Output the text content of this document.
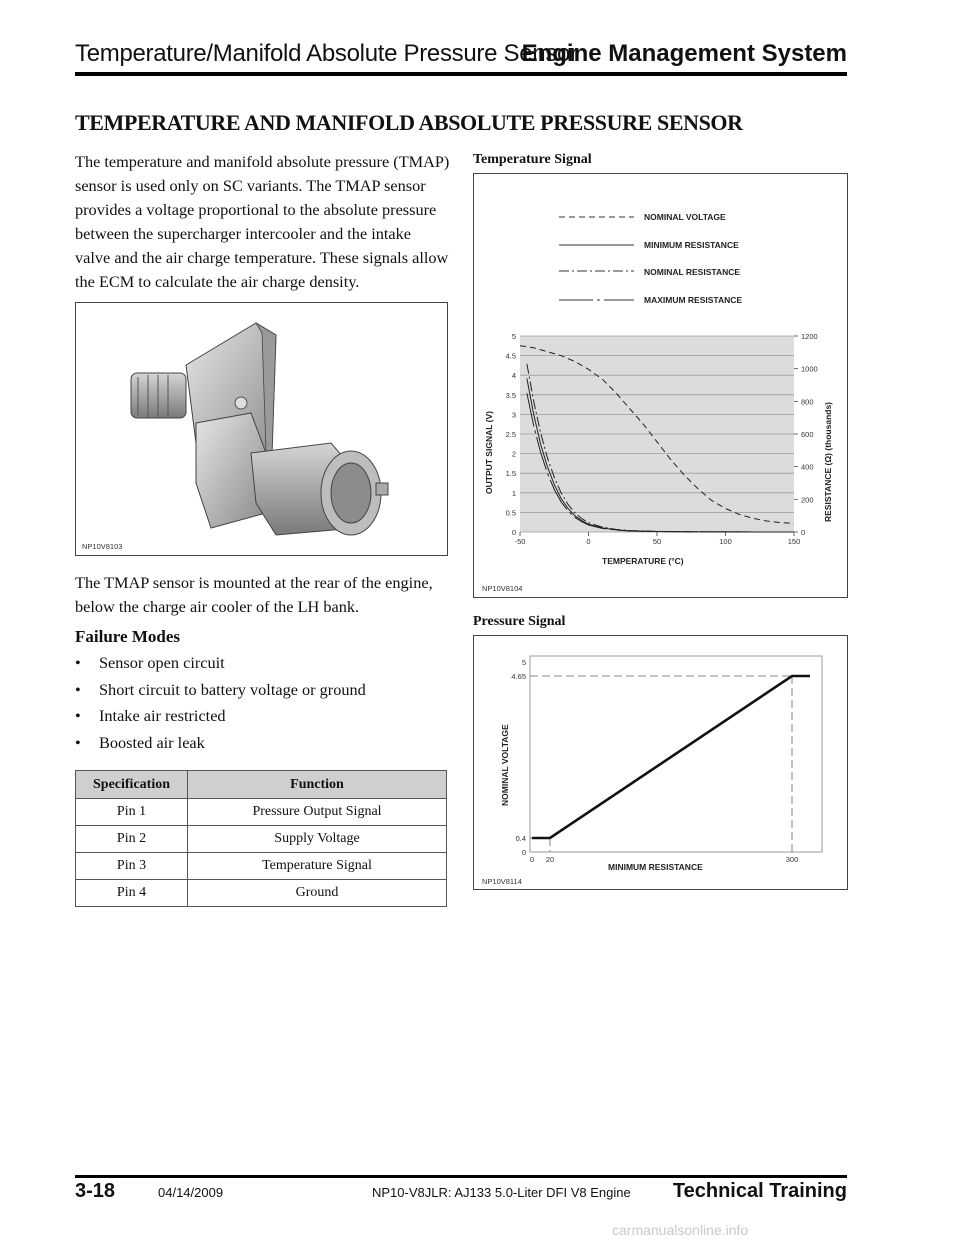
Temperature/Manifold Absolute Pressure Sensor
Engine Management System
TEMPERATURE AND MANIFOLD ABSOLUTE PRESSURE SENSOR
The temperature and manifold absolute pressure (TMAP) sensor is used only on SC variants. The TMAP sensor provides a voltage proportional to the absolute pressure between the supercharger intercooler and the intake valve and the air charge temperature. These signals allow the ECM to calculate the air charge density.
NP10V8103
The TMAP sensor is mounted at the rear of the engine, below the charge air cooler of the LH bank.
Failure Modes
• Sensor open circuit
• Short circuit to battery voltage or ground
• Intake air restricted
• Boosted air leak
Specification	Function
Pin 1	Pressure Output Signal
Pin 2	Supply Voltage
Pin 3	Temperature Signal
Pin 4	Ground
Temperature Signal
NOMINAL VOLTAGE
MINIMUM RESISTANCE
NOMINAL RESISTANCE
MAXIMUM RESISTANCE
0
0.5
1
1.5
2
2.5
3
3.5
4
4.5
5
0
200
400
600
800
1000
1200
-50	0	50	100	150
TEMPERATURE (°C)
OUTPUT SIGNAL (V)	RESISTANCE (Ω) (thousands)
NP10V8104
Pressure Signal
0
0.4
4.65
5
0 20	300
MINIMUM RESISTANCE
NOMINAL VOLTAGE
NP10V8114
3-18	04/14/2009	NP10-V8JLR: AJ133 5.0-Liter DFI V8 Engine Technical Training
carmanualsonline.info
